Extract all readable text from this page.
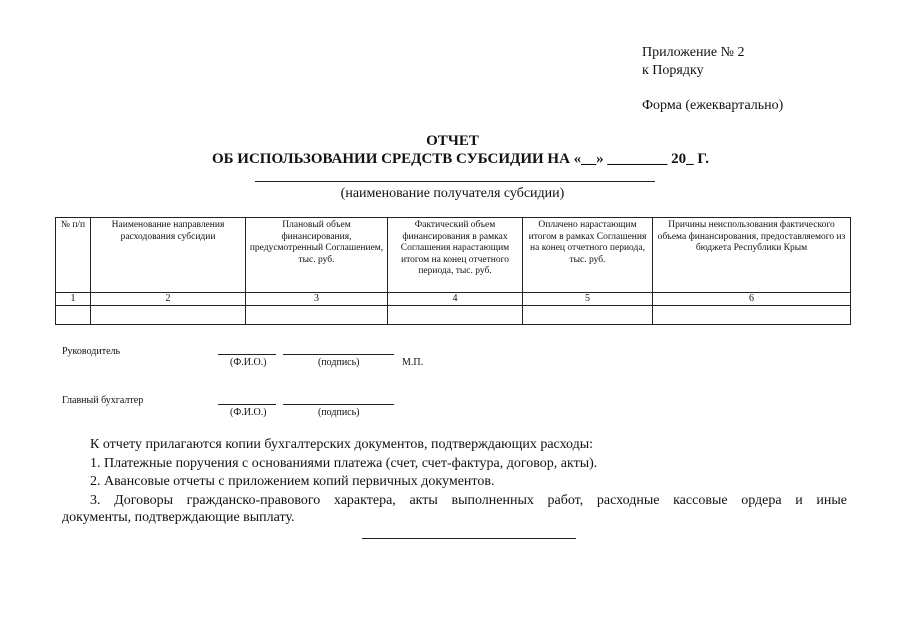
Приложение № 2
к Порядку
Форма (ежеквартально)
ОТЧЕТ
ОБ ИСПОЛЬЗОВАНИИ СРЕДСТВ СУБСИДИИ НА «__» ________ 20_ Г.
(наименование получателя субсидии)
№ п/п	Наименование направления расходования субсидии	Плановый объем финансирования, предусмотренный Соглашением, тыс. руб.	Фактический объем финансирования в рамках Соглашения нарастающим итогом на конец отчетного периода, тыс. руб.	Оплачено нарастающим итогом в рамках Соглашения на конец отчетного периода, тыс. руб.	Причины неиспользования фактического объема финансирования, предоставляемого из бюджета Республики Крым
1	2	3	4	5	6

Руководитель
(Ф.И.О.)	(подпись)	М.П.
Главный бухгалтер
(Ф.И.О.)	(подпись)
К отчету прилагаются копии бухгалтерских документов, подтверждающих расходы:
1. Платежные поручения с основаниями платежа (счет, счет-фактура, договор, акты).
2. Авансовые отчеты с приложением копий первичных документов.
3. Договоры гражданско-правового характера, акты выполненных работ, расходные кассовые ордера и иные
документы, подтверждающие выплату.
